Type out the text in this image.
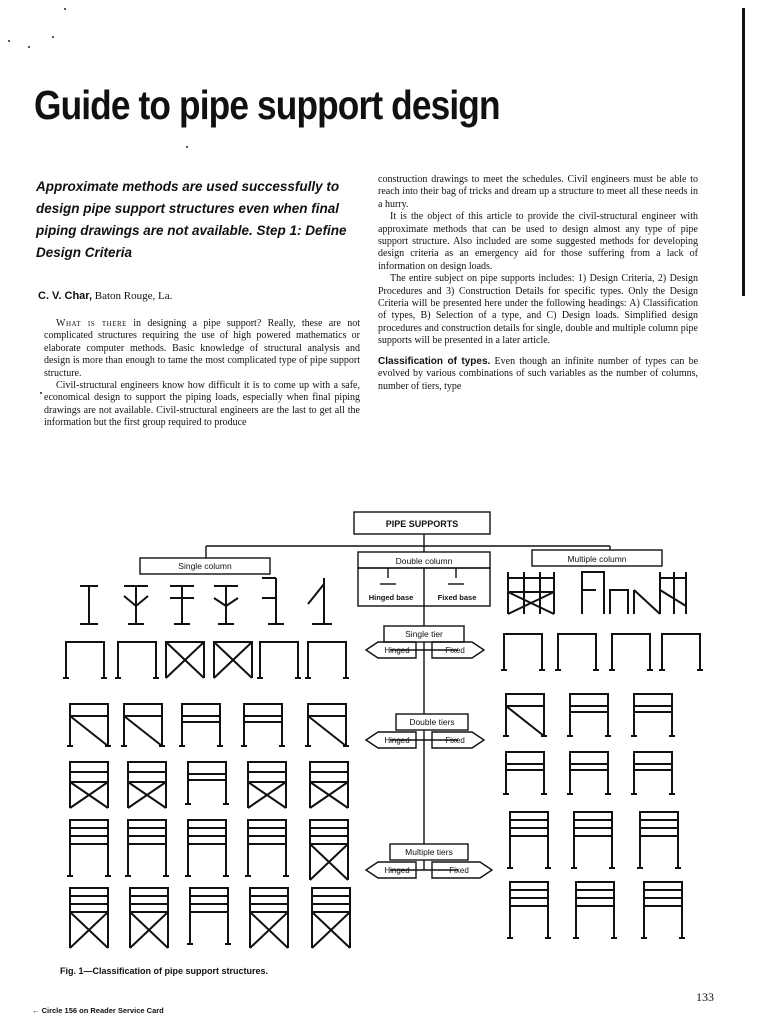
Guide to pipe support design
Approximate methods are used successfully to design pipe support structures even when final piping drawings are not available. Step 1: Define Design Criteria
C. V. Char, Baton Rouge, La.

What is there in designing a pipe support? Really, these are not complicated structures requiring the use of high powered mathematics or elaborate computer methods. Basic knowledge of structural analysis and design is more than enough to tame the most complicated type of pipe support structure.

Civil-structural engineers know how difficult it is to come up with a safe, economical design to support the piping loads, especially when final piping drawings are not available. Civil-structural engineers are the last to get all the information but the first group required to produce

construction drawings to meet the schedules. Civil engineers must be able to reach into their bag of tricks and dream up a structure to meet all these needs in a hurry.

It is the object of this article to provide the civil-structural engineer with approximate methods that can be used to design almost any type of pipe support structure. Also included are some suggested methods for developing design criteria as an emergency aid for those suffering from a lack of information on design loads.

The entire subject on pipe supports includes: 1) Design Criteria, 2) Design Procedures and 3) Construction Details for specific types. Only the Design Criteria will be presented here under the following headings: A) Classification of types, B) Selection of a type, and C) Design loads. Simplified design procedures and construction details for single, double and multiple column pipe supports will be presented in a later article.

Classification of types. Even though an infinite number of types can be evolved by various combinations of such variables as the number of columns, number of tiers, type

PIPE SUPPORTS
Single column	Double column	Multiple column
Hinged base	Fixed base
Single tier
Double tiers
Multiple tiers
Hinged	Fixed
Hinged	Fixed
Hinged	Fixed
Fig. 1—Classification of pipe support structures.
← Circle 156 on Reader Service Card
133
